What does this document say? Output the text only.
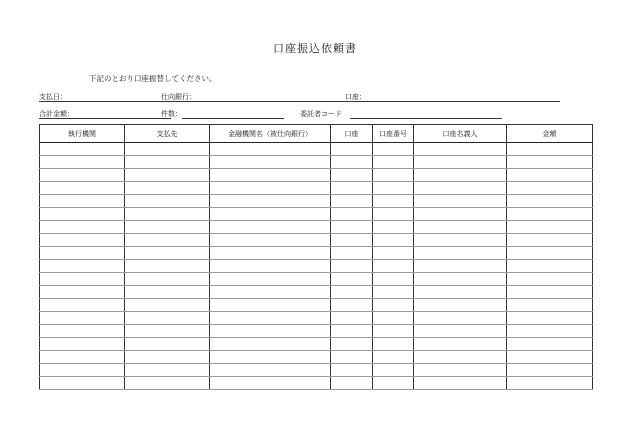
口座振込依頼書
下記のとおり口座振替してください。
支払日：	仕向銀行：	口座：
合計金額：	件数：	委託者コード
執行機関	支払先	金融機関名（被仕向銀行）	口座	口座番号	口座名義人	金額
